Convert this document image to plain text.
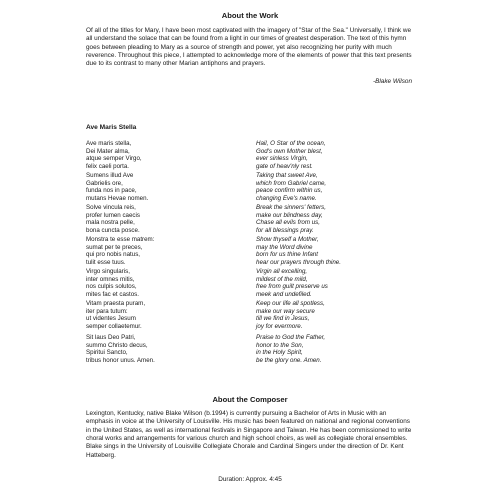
About the Work

Of all of the titles for Mary, I have been most captivated with the imagery of "Star of the Sea." Universally, I think we all understand the solace that can be found from a light in our times of greatest desperation. The text of this hymn goes between pleading to Mary as a source of strength and power, yet also recognizing her purity with much reverence. Throughout this piece, I attempted to acknowledge more of the elements of power that this text presents due to its contrast to many other Marian antiphons and prayers.

-Blake Wilson
Ave Maris Stella
Ave maris stella,
Dei Mater alma,
atque semper Virgo,
felix caeli porta.
Hail, O Star of the ocean,
God's own Mother blest,
ever sinless Virgin,
gate of heav'nly rest.
Sumens illud Ave
Gabrielis ore,
funda nos in pace,
mutans Hevae nomen.
Taking that sweet Ave,
which from Gabriel came,
peace confirm within us,
changing Eve's name.
Solve vincula reis,
profer lumen caecis
mala nostra pelle,
bona cuncta posce.
Break the sinners' fetters,
make our blindness day,
Chase all evils from us,
for all blessings pray.
Monstra te esse matrem:
sumat per te preces,
qui pro nobis natus,
tulit esse tuus.
Show thyself a Mother,
may the Word divine
born for us thine Infant
hear our prayers through thine.
Virgo singularis,
inter omnes mitis,
nos culpis solutos,
mites fac et castos.
Virgin all excelling,
mildest of the mild,
free from guilt preserve us
meek and undefiled.
Vitam praesta puram,
iter para tutum:
ut videntes Jesum
semper collaetemur.
Keep our life all spotless,
make our way secure
till we find in Jesus,
joy for evermore.
Sit laus Deo Patri,
summo Christo decus,
Spiritui Sancto,
tribus honor unus. Amen.
Praise to God the Father,
honor to the Son,
in the Holy Spirit,
be the glory one. Amen.
About the Composer

Lexington, Kentucky, native Blake Wilson (b.1994) is currently pursuing a Bachelor of Arts in Music with an emphasis in voice at the University of Louisville. His music has been featured on national and regional conventions in the United States, as well as international festivals in Singapore and Taiwan. He has been commissioned to write choral works and arrangements for various church and high school choirs, as well as collegiate choral ensembles. Blake sings in the University of Louisville Collegiate Chorale and Cardinal Singers under the direction of Dr. Kent Hatteberg.

Duration: Approx. 4:45
